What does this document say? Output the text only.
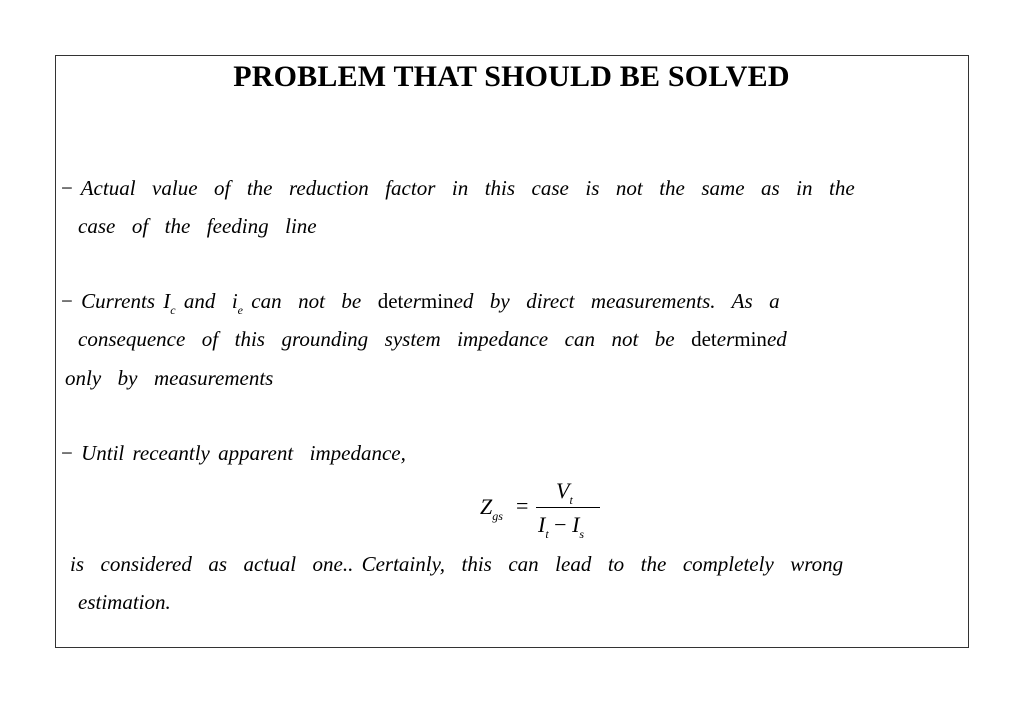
PROBLEM THAT SHOULD BE SOLVED
− Actual  value  of  the  reduction  factor  in  this  case  is  not  the  same  as  in  the
case  of  the  feeding  line
− Currents $I_c$ and  $i_e$ can  not  be  determined  by  direct  measurements.  As  a
consequence  of  this  grounding  system  impedance  can  not  be  determined
only  by  measurements
− Until receantly apparent  impedance,
$Z_{gs}$ =
$V_t$
$I_t - I_s$
is  considered  as  actual  one.. Certainly,  this  can  lead  to  the  completely  wrong
estimation.
